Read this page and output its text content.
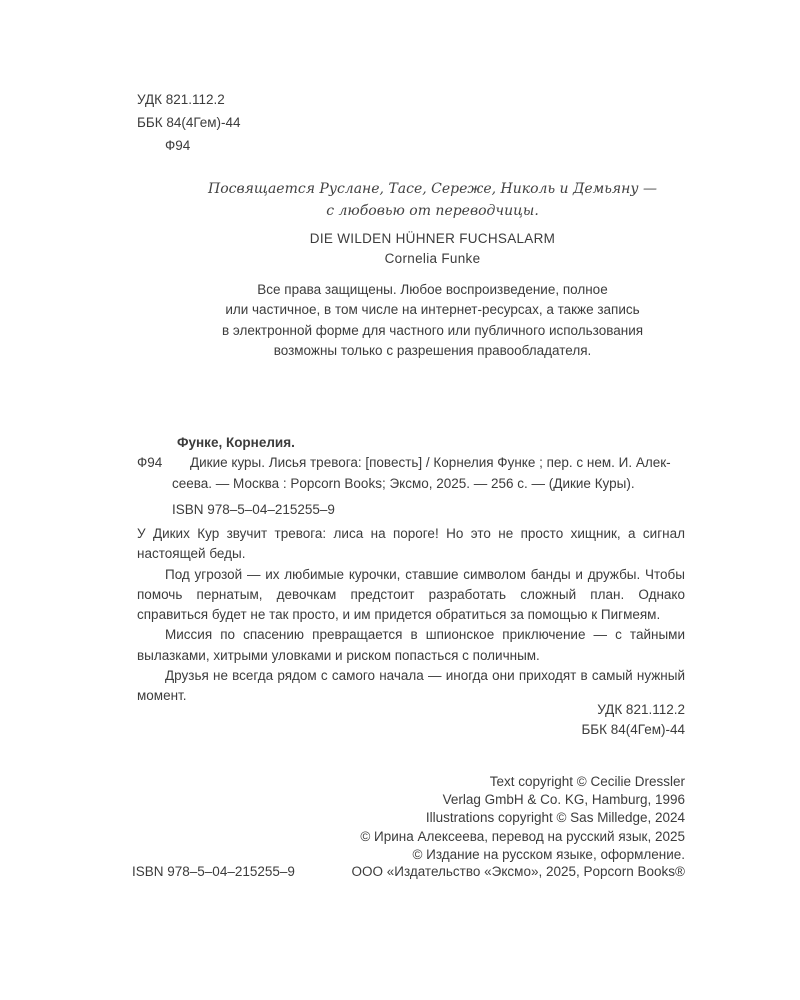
УДК 821.112.2
ББК 84(4Гем)-44
Ф94
Посвящается Руслане, Тасе, Сереже, Николь и Демьяну —
с любовью от переводчицы.
DIE WILDEN HÜHNER FUCHSALARM
Cornelia Funke
Все права защищены. Любое воспроизведение, полное
или частичное, в том числе на интернет-ресурсах, а также запись
в электронной форме для частного или публичного использования
возможны только с разрешения правообладателя.
Функе, Корнелия.
Ф94	Дикие куры. Лисья тревога: [повесть] / Корнелия Функе ; пер. с нем. И. Алек-
сеева. — Москва : Popcorn Books; Эксмо, 2025. — 256 с. — (Дикие Куры).
ISBN 978–5–04–215255–9

У Диких Кур звучит тревога: лиса на пороге! Но это не просто хищник, а сигнал настоящей беды.

Под угрозой — их любимые курочки, ставшие символом банды и дружбы. Чтобы помочь пернатым, девочкам предстоит разработать сложный план. Однако справиться будет не так просто, и им придется обратиться за помощью к Пигмеям.

Миссия по спасению превращается в шпионское приключение — с тайными вылазками, хитрыми уловками и риском попасться с поличным.

Друзья не всегда рядом с самого начала — иногда они приходят в самый нужный момент.

УДК 821.112.2
ББК 84(4Гем)-44
Text copyright © Cecilie Dressler
Verlag GmbH & Co. KG, Hamburg, 1996
Illustrations copyright © Sas Milledge, 2024
© Ирина Алексеева, перевод на русский язык, 2025
© Издание на русском языке, оформление.
ISBN 978–5–04–215255–9	ООО «Издательство «Эксмо», 2025, Popcorn Books®
